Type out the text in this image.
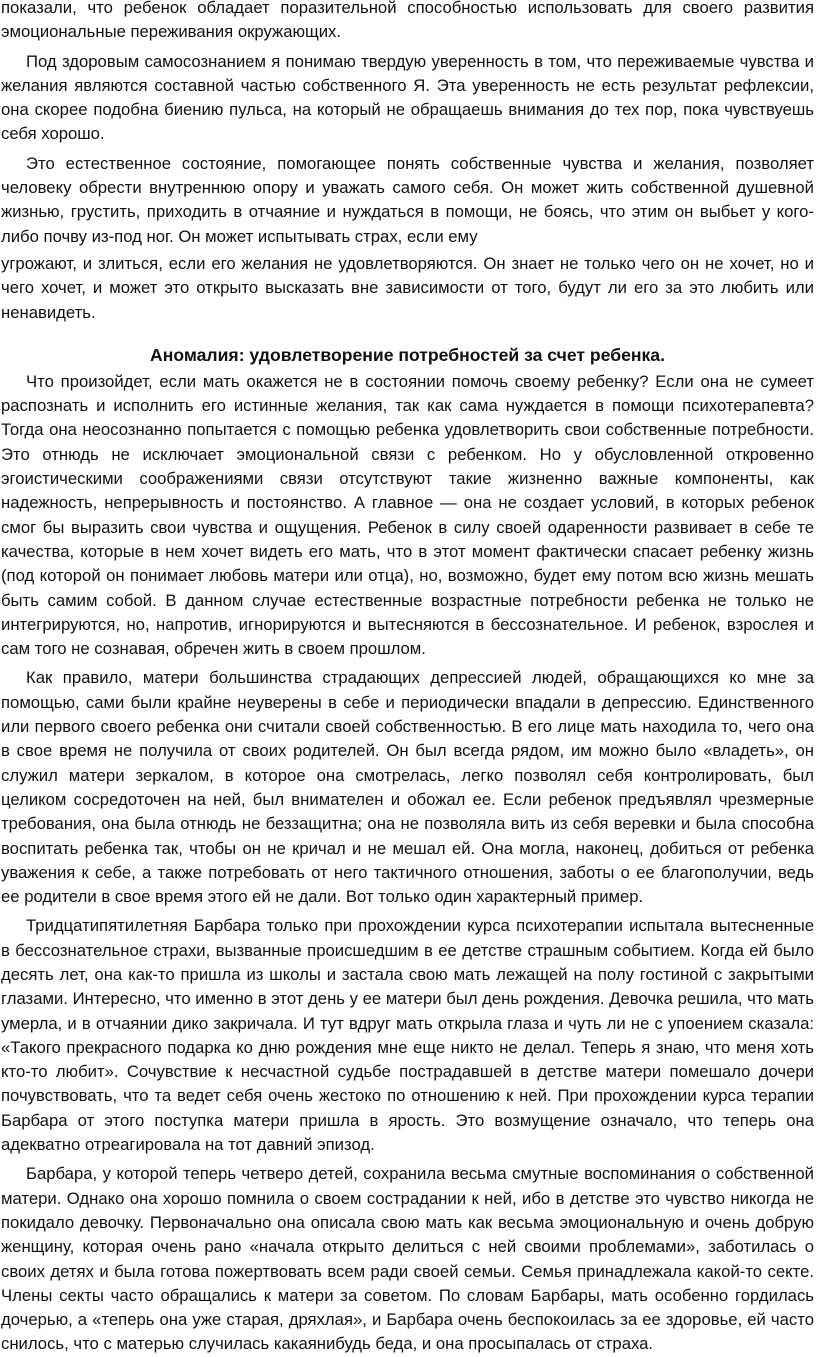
показали, что ребенок обладает поразительной способностью использовать для своего развития эмоциональные переживания окружающих.

Под здоровым самосознанием я понимаю твердую уверенность в том, что переживаемые чувства и желания являются составной частью собственного Я. Эта уверенность не есть результат рефлексии, она скорее подобна биению пульса, на который не обращаешь внимания до тех пор, пока чувствуешь себя хорошо.

Это естественное состояние, помогающее понять собственные чувства и желания, позволяет человеку обрести внутреннюю опору и уважать самого себя. Он может жить собственной душевной жизнью, грустить, приходить в отчаяние и нуждаться в помощи, не боясь, что этим он выбьет у кого-либо почву из-под ног. Он может испытывать страх, если ему

угрожают, и злиться, если его желания не удовлетворяются. Он знает не только чего он не хочет, но и чего хочет, и может это открыто высказать вне зависимости от того, будут ли его за это любить или ненавидеть.

Аномалия: удовлетворение потребностей за счет ребенка.

Что произойдет, если мать окажется не в состоянии помочь своему ребенку? Если она не сумеет распознать и исполнить его истинные желания, так как сама нуждается в помощи психотерапевта? Тогда она неосознанно попытается с помощью ребенка удовлетворить свои собственные потребности. Это отнюдь не исключает эмоциональной связи с ребенком. Но у обусловленной откровенно эгоистическими соображениями связи отсутствуют такие жизненно важные компоненты, как надежность, непрерывность и постоянство. А главное — она не создает условий, в которых ребенок смог бы выразить свои чувства и ощущения. Ребенок в силу своей одаренности развивает в себе те качества, которые в нем хочет видеть его мать, что в этот момент фактически спасает ребенку жизнь (под которой он понимает любовь матери или отца), но, возможно, будет ему потом всю жизнь мешать быть самим собой. В данном случае естественные возрастные потребности ребенка не только не интегрируются, но, напротив, игнорируются и вытесняются в бессознательное. И ребенок, взрослея и сам того не сознавая, обречен жить в своем прошлом.

Как правило, матери большинства страдающих депрессией людей, обращающихся ко мне за помощью, сами были крайне неуверены в себе и периодически впадали в депрессию. Единственного или первого своего ребенка они считали своей собственностью. В его лице мать находила то, чего она в свое время не получила от своих родителей. Он был всегда рядом, им можно было «владеть», он служил матери зеркалом, в которое она смотрелась, легко позволял себя контролировать, был целиком сосредоточен на ней, был внимателен и обожал ее. Если ребенок предъявлял чрезмерные требования, она была отнюдь не беззащитна; она не позволяла вить из себя веревки и была способна воспитать ребенка так, чтобы он не кричал и не мешал ей. Она могла, наконец, добиться от ребенка уважения к себе, а также потребовать от него тактичного отношения, заботы о ее благополучии, ведь ее родители в свое время этого ей не дали. Вот только один характерный пример.

Тридцатипятилетняя Барбара только при прохождении курса психотерапии испытала вытесненные в бессознательное страхи, вызванные происшедшим в ее детстве страшным событием. Когда ей было десять лет, она как-то пришла из школы и застала свою мать лежащей на полу гостиной с закрытыми глазами. Интересно, что именно в этот день у ее матери был день рождения. Девочка решила, что мать умерла, и в отчаянии дико закричала. И тут вдруг мать открыла глаза и чуть ли не с упоением сказала: «Такого прекрасного подарка ко дню рождения мне еще никто не делал. Теперь я знаю, что меня хоть кто-то любит». Сочувствие к несчастной судьбе пострадавшей в детстве матери помешало дочери почувствовать, что та ведет себя очень жестоко по отношению к ней. При прохождении курса терапии Барбара от этого поступка матери пришла в ярость. Это возмущение означало, что теперь она адекватно отреагировала на тот давний эпизод.

Барбара, у которой теперь четверо детей, сохранила весьма смутные воспоминания о собственной матери. Однако она хорошо помнила о своем сострадании к ней, ибо в детстве это чувство никогда не покидало девочку. Первоначально она описала свою мать как весьма эмоциональную и очень добрую женщину, которая очень рано «начала открыто делиться с ней своими проблемами», заботилась о своих детях и была готова пожертвовать всем ради своей семьи. Семья принадлежала какой-то секте. Члены секты часто обращались к матери за советом. По словам Барбары, мать особенно гордилась дочерью, а «теперь она уже старая, дряхлая», и Барбара очень беспокоилась за ее здоровье, ей часто снилось, что с матерью случилась какаянибудь беда, и она просыпалась от страха.
